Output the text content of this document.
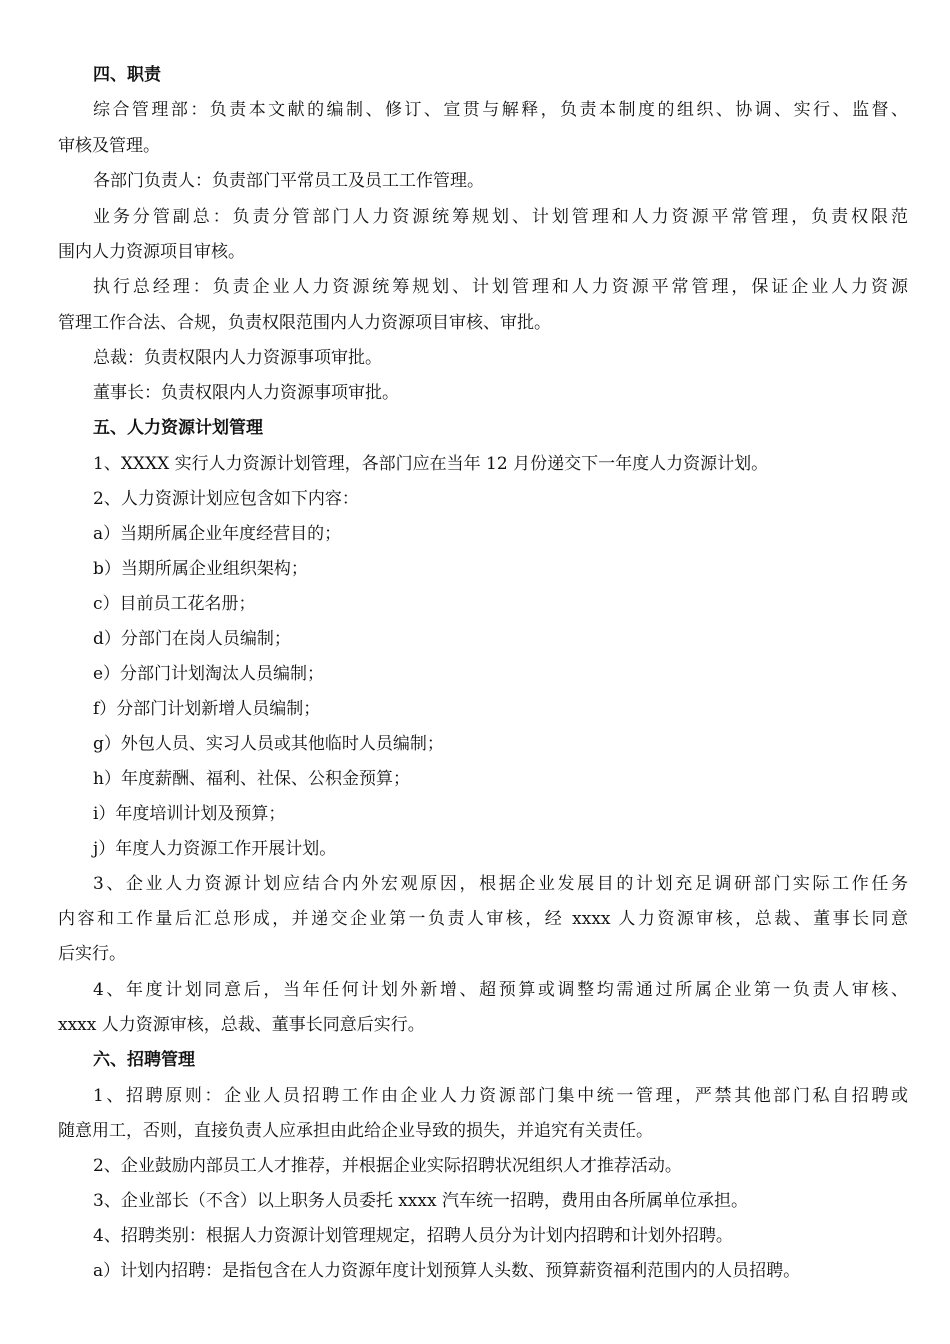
四、职责
综合管理部：负责本文献的编制、修订、宣贯与解释，负责本制度的组织、协调、实行、监督、
审核及管理。
各部门负责人：负责部门平常员工及员工工作管理。
业务分管副总：负责分管部门人力资源统筹规划、计划管理和人力资源平常管理，负责权限范
围内人力资源项目审核。
执行总经理：负责企业人力资源统筹规划、计划管理和人力资源平常管理，保证企业人力资源
管理工作合法、合规，负责权限范围内人力资源项目审核、审批。
总裁：负责权限内人力资源事项审批。
董事长：负责权限内人力资源事项审批。
五、人力资源计划管理
1、XXXX 实行人力资源计划管理，各部门应在当年 12 月份递交下一年度人力资源计划。
2、人力资源计划应包含如下内容：
a）当期所属企业年度经营目的；
b）当期所属企业组织架构；
c）目前员工花名册；
d）分部门在岗人员编制；
e）分部门计划淘汰人员编制；
f）分部门计划新增人员编制；
g）外包人员、实习人员或其他临时人员编制；
h）年度薪酬、福利、社保、公积金预算；
i）年度培训计划及预算；
j）年度人力资源工作开展计划。
3、企业人力资源计划应结合内外宏观原因，根据企业发展目的计划充足调研部门实际工作任务
内容和工作量后汇总形成，并递交企业第一负责人审核，经 xxxx 人力资源审核，总裁、董事长同意
后实行。
4、年度计划同意后，当年任何计划外新增、超预算或调整均需通过所属企业第一负责人审核、
xxxx 人力资源审核，总裁、董事长同意后实行。
六、招聘管理
1、招聘原则：企业人员招聘工作由企业人力资源部门集中统一管理，严禁其他部门私自招聘或
随意用工，否则，直接负责人应承担由此给企业导致的损失，并追究有关责任。
2、企业鼓励内部员工人才推荐，并根据企业实际招聘状况组织人才推荐活动。
3、企业部长（不含）以上职务人员委托 xxxx 汽车统一招聘，费用由各所属单位承担。
4、招聘类别：根据人力资源计划管理规定，招聘人员分为计划内招聘和计划外招聘。
a）计划内招聘：是指包含在人力资源年度计划预算人头数、预算薪资福利范围内的人员招聘。
